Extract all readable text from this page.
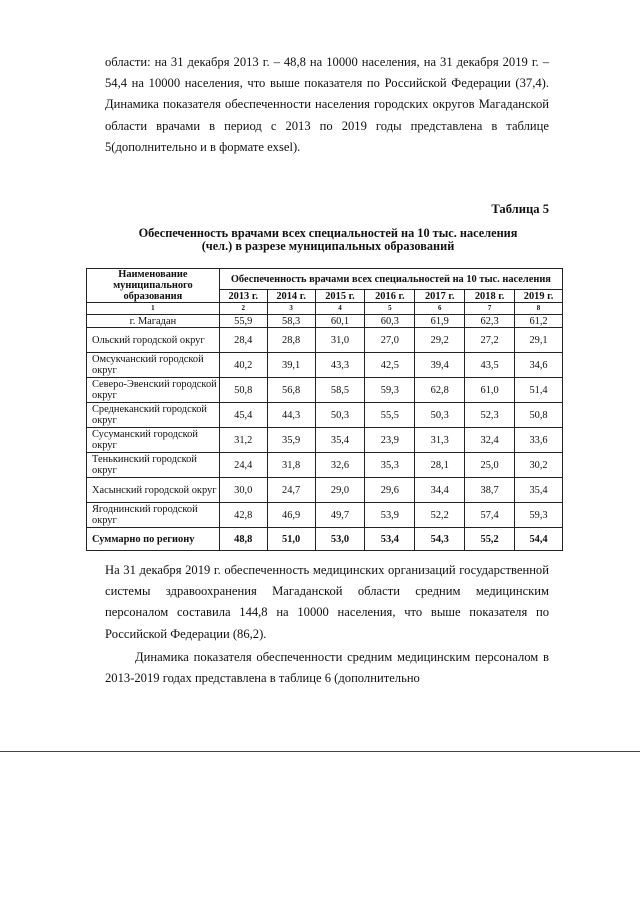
области: на 31 декабря 2013 г. – 48,8 на 10000 населения, на 31 декабря 2019 г. – 54,4 на 10000 населения, что выше показателя по Российской Федерации (37,4). Динамика показателя обеспеченности населения городских округов Магаданской области врачами в период с 2013 по 2019 годы представлена в таблице 5(дополнительно и в формате exsel).
Таблица 5
Обеспеченность врачами всех специальностей на 10 тыс. населения
(чел.) в разрезе муниципальных образований
Наименование муниципального образования	Обеспеченность врачами всех специальностей на 10 тыс. населения						
	2013 г.	2014 г.	2015 г.	2016 г.	2017 г.	2018 г.	2019 г.
1	2	3	4	5	6	7	8
г. Магадан	55,9	58,3	60,1	60,3	61,9	62,3	61,2
Ольский городской округ	28,4	28,8	31,0	27,0	29,2	27,2	29,1
Омсукчанский городской округ	40,2	39,1	43,3	42,5	39,4	43,5	34,6
Северо-Эвенский городской округ	50,8	56,8	58,5	59,3	62,8	61,0	51,4
Среднеканский городской округ	45,4	44,3	50,3	55,5	50,3	52,3	50,8
Сусуманский городской округ	31,2	35,9	35,4	23,9	31,3	32,4	33,6
Тенькинский городской округ	24,4	31,8	32,6	35,3	28,1	25,0	30,2
Хасынский городской округ	30,0	24,7	29,0	29,6	34,4	38,7	35,4
Ягоднинский городской округ	42,8	46,9	49,7	53,9	52,2	57,4	59,3
Суммарно по региону	48,8	51,0	53,0	53,4	54,3	55,2	54,4
На 31 декабря 2019 г. обеспеченность медицинских организаций государственной системы здравоохранения Магаданской области средним медицинским персоналом составила 144,8 на 10000 населения, что выше показателя по Российской Федерации (86,2).
Динамика показателя обеспеченности средним медицинским персоналом в 2013-2019 годах представлена в таблице 6 (дополнительно
